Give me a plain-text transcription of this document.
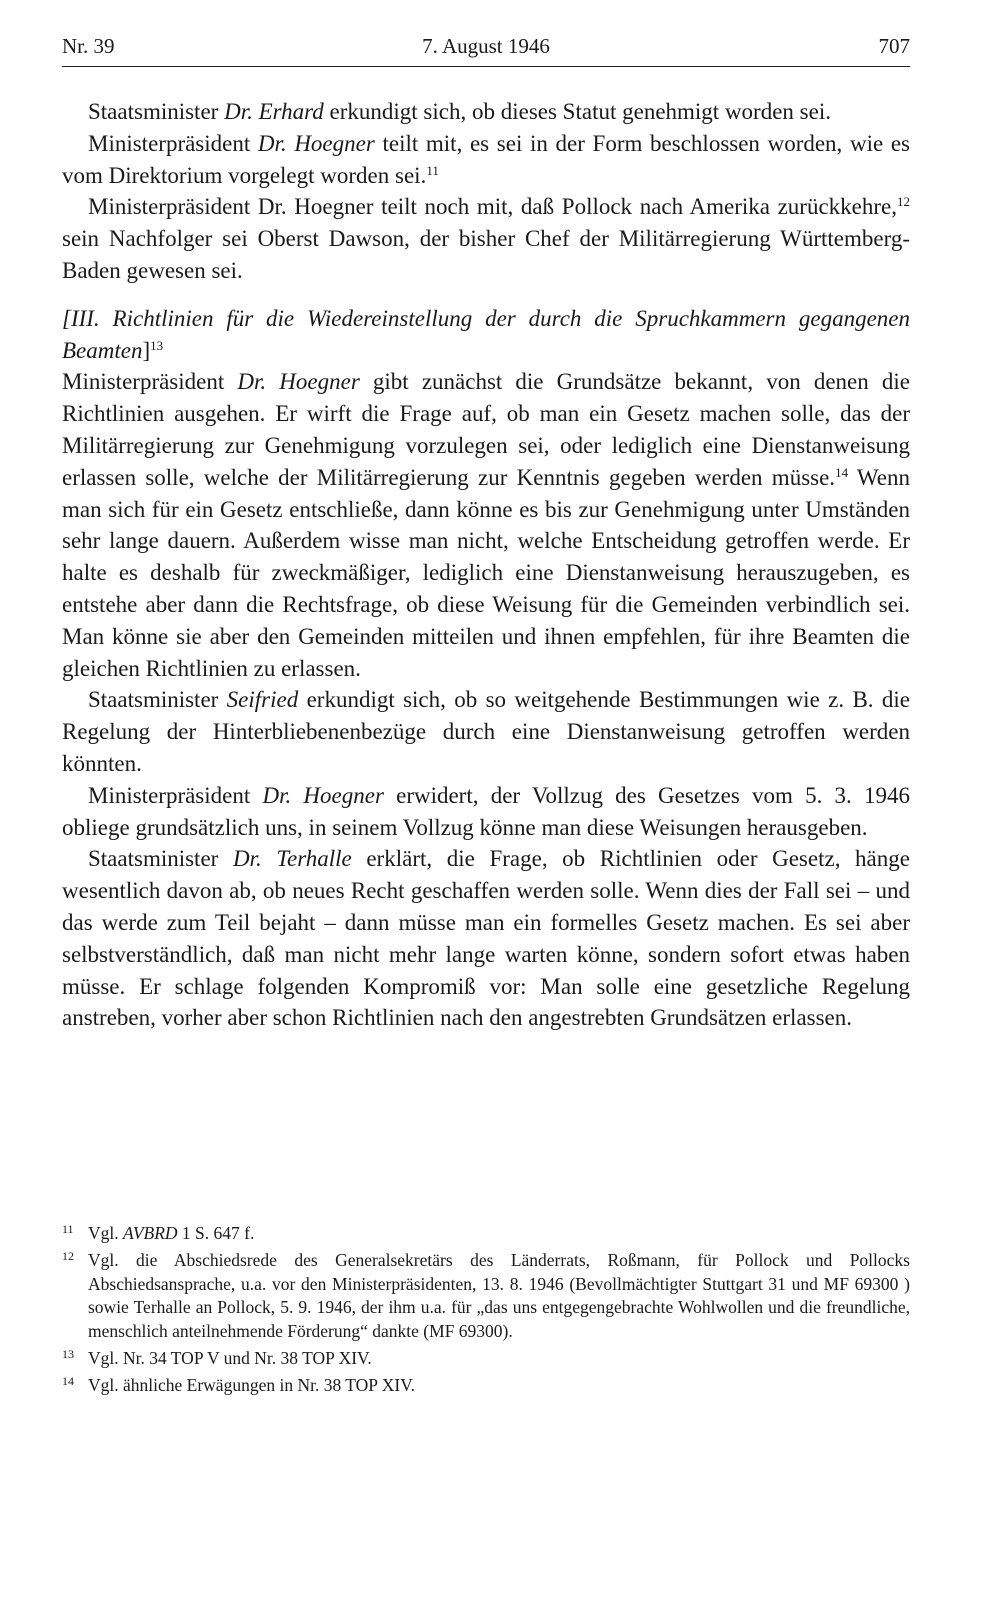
Nr. 39	7. August 1946	707

Staatsminister Dr. Erhard erkundigt sich, ob dieses Statut genehmigt worden sei.

Ministerpräsident Dr. Hoegner teilt mit, es sei in der Form beschlossen worden, wie es vom Direktorium vorgelegt worden sei.$^{11}$

Ministerpräsident Dr. Hoegner teilt noch mit, daß Pollock nach Amerika zurückkehre,$^{12}$ sein Nachfolger sei Oberst Dawson, der bisher Chef der Militärregierung Württemberg-Baden gewesen sei.

[III. Richtlinien für die Wiedereinstellung der durch die Spruchkammern gegangenen Beamten]$^{13}$

Ministerpräsident Dr. Hoegner gibt zunächst die Grundsätze bekannt, von denen die Richtlinien ausgehen. Er wirft die Frage auf, ob man ein Gesetz machen solle, das der Militärregierung zur Genehmigung vorzulegen sei, oder lediglich eine Dienstanweisung erlassen solle, welche der Militärregierung zur Kenntnis gegeben werden müsse.$^{14}$ Wenn man sich für ein Gesetz entschließe, dann könne es bis zur Genehmigung unter Umständen sehr lange dauern. Außerdem wisse man nicht, welche Entscheidung getroffen werde. Er halte es deshalb für zweckmäßiger, lediglich eine Dienstanweisung herauszugeben, es entstehe aber dann die Rechtsfrage, ob diese Weisung für die Gemeinden verbindlich sei. Man könne sie aber den Gemeinden mitteilen und ihnen empfehlen, für ihre Beamten die gleichen Richtlinien zu erlassen.

Staatsminister Seifried erkundigt sich, ob so weitgehende Bestimmungen wie z. B. die Regelung der Hinterbliebenenbezüge durch eine Dienstanweisung getroffen werden könnten.

Ministerpräsident Dr. Hoegner erwidert, der Vollzug des Gesetzes vom 5. 3. 1946 obliege grundsätzlich uns, in seinem Vollzug könne man diese Weisungen herausgeben.

Staatsminister Dr. Terhalle erklärt, die Frage, ob Richtlinien oder Gesetz, hänge wesentlich davon ab, ob neues Recht geschaffen werden solle. Wenn dies der Fall sei – und das werde zum Teil bejaht – dann müsse man ein formelles Gesetz machen. Es sei aber selbstverständlich, daß man nicht mehr lange warten könne, sondern sofort etwas haben müsse. Er schlage folgenden Kompromiß vor: Man solle eine gesetzliche Regelung anstreben, vorher aber schon Richtlinien nach den angestrebten Grundsätzen erlassen.

11 Vgl. AVBRD 1 S. 647 f.
12 Vgl. die Abschiedsrede des Generalsekretärs des Länderrats, Roßmann, für Pollock und Pollocks Abschiedsansprache, u.a. vor den Ministerpräsidenten, 13. 8. 1946 (Bevollmächtigter Stuttgart 31 und MF 69300 ) sowie Terhalle an Pollock, 5. 9. 1946, der ihm u.a. für „das uns entgegengebrachte Wohlwollen und die freundliche, menschlich anteilnehmende Förderung“ dankte (MF 69300).
13 Vgl. Nr. 34 TOP V und Nr. 38 TOP XIV.
14 Vgl. ähnliche Erwägungen in Nr. 38 TOP XIV.
